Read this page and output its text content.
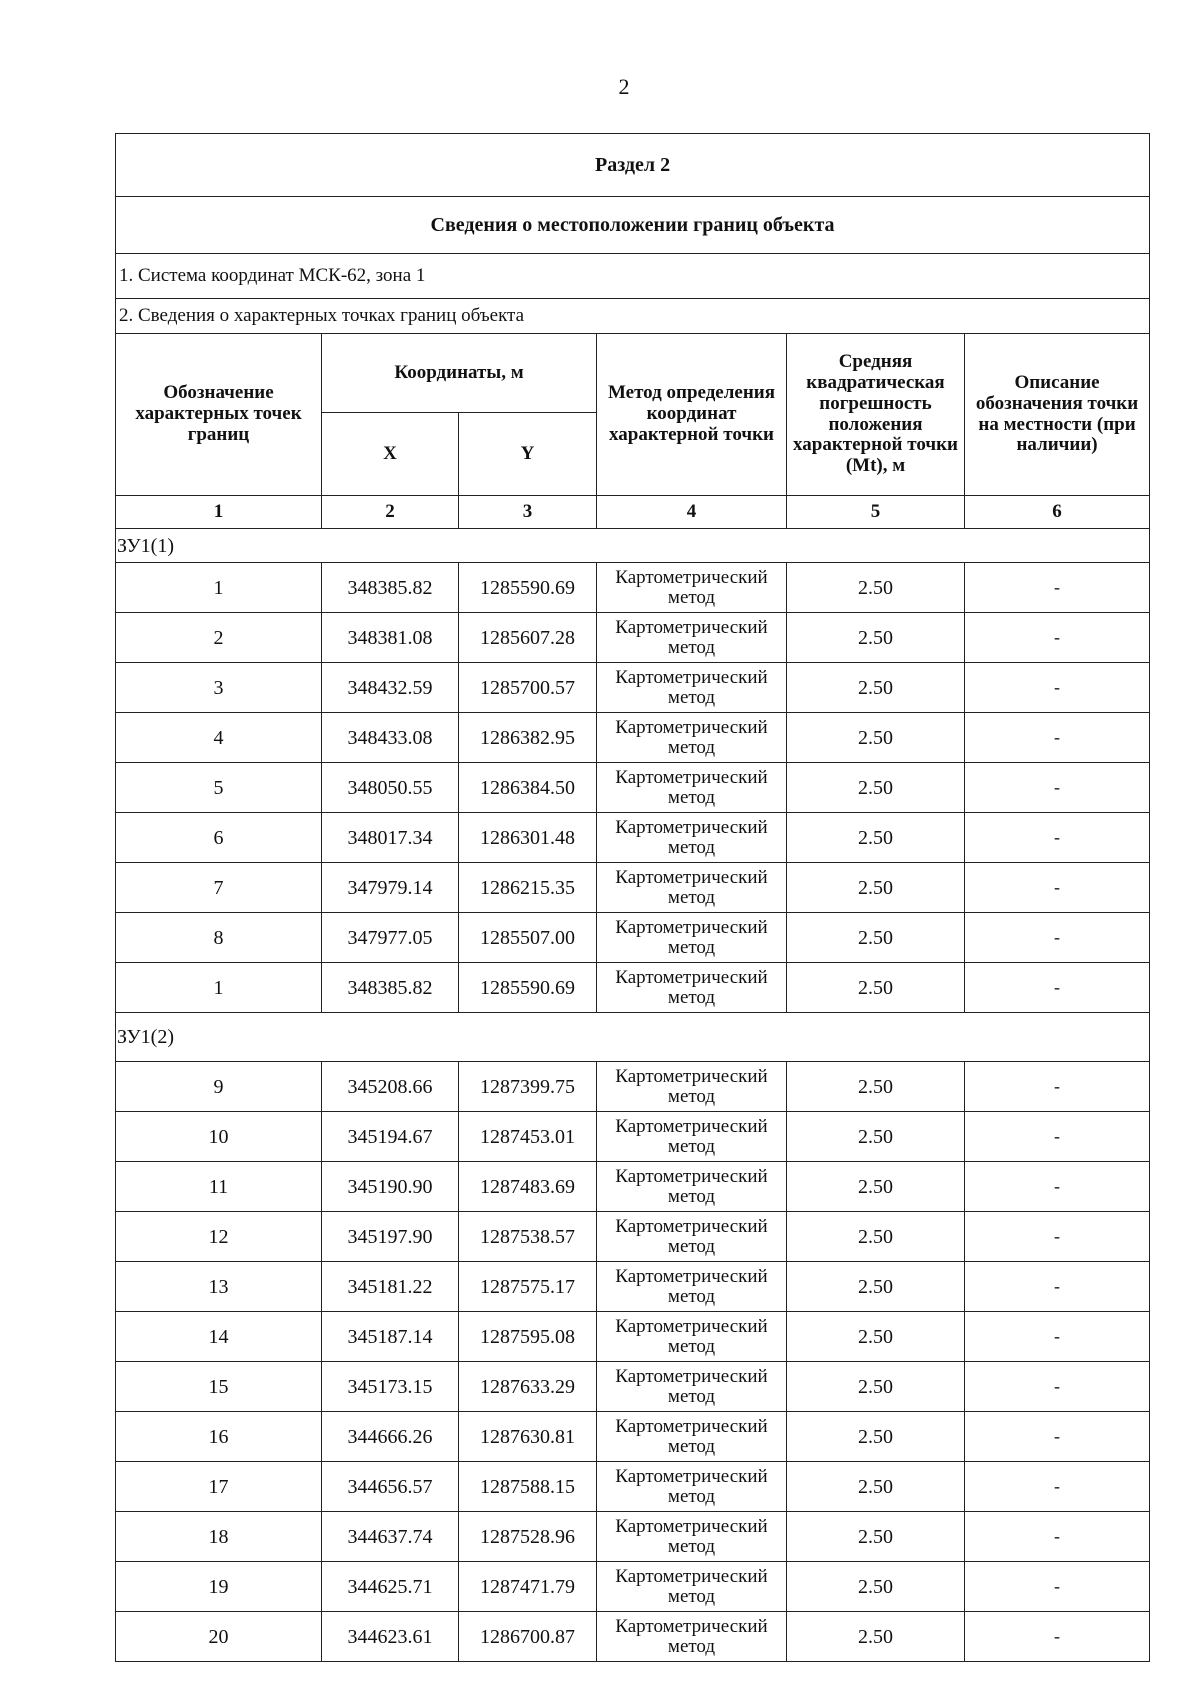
2
Раздел 2					
Сведения о местоположении границ объекта					
1. Система координат МСК-62, зона 1					
2. Сведения о характерных точках границ объекта					
Обозначение характерных точек границ	Координаты, м		Метод определения координат характерной точки	Средняя квадратическая погрешность положения характерной точки (Mt), м	Описание обозначения точки на местности (при наличии)
	X	Y			
1	2	3	4	5	6
ЗУ1(1)					
1	348385.82	1285590.69	Картометрический метод	2.50	-
2	348381.08	1285607.28	Картометрический метод	2.50	-
3	348432.59	1285700.57	Картометрический метод	2.50	-
4	348433.08	1286382.95	Картометрический метод	2.50	-
5	348050.55	1286384.50	Картометрический метод	2.50	-
6	348017.34	1286301.48	Картометрический метод	2.50	-
7	347979.14	1286215.35	Картометрический метод	2.50	-
8	347977.05	1285507.00	Картометрический метод	2.50	-
1	348385.82	1285590.69	Картометрический метод	2.50	-
ЗУ1(2)					
9	345208.66	1287399.75	Картометрический метод	2.50	-
10	345194.67	1287453.01	Картометрический метод	2.50	-
11	345190.90	1287483.69	Картометрический метод	2.50	-
12	345197.90	1287538.57	Картометрический метод	2.50	-
13	345181.22	1287575.17	Картометрический метод	2.50	-
14	345187.14	1287595.08	Картометрический метод	2.50	-
15	345173.15	1287633.29	Картометрический метод	2.50	-
16	344666.26	1287630.81	Картометрический метод	2.50	-
17	344656.57	1287588.15	Картометрический метод	2.50	-
18	344637.74	1287528.96	Картометрический метод	2.50	-
19	344625.71	1287471.79	Картометрический метод	2.50	-
20	344623.61	1286700.87	Картометрический метод	2.50	-
